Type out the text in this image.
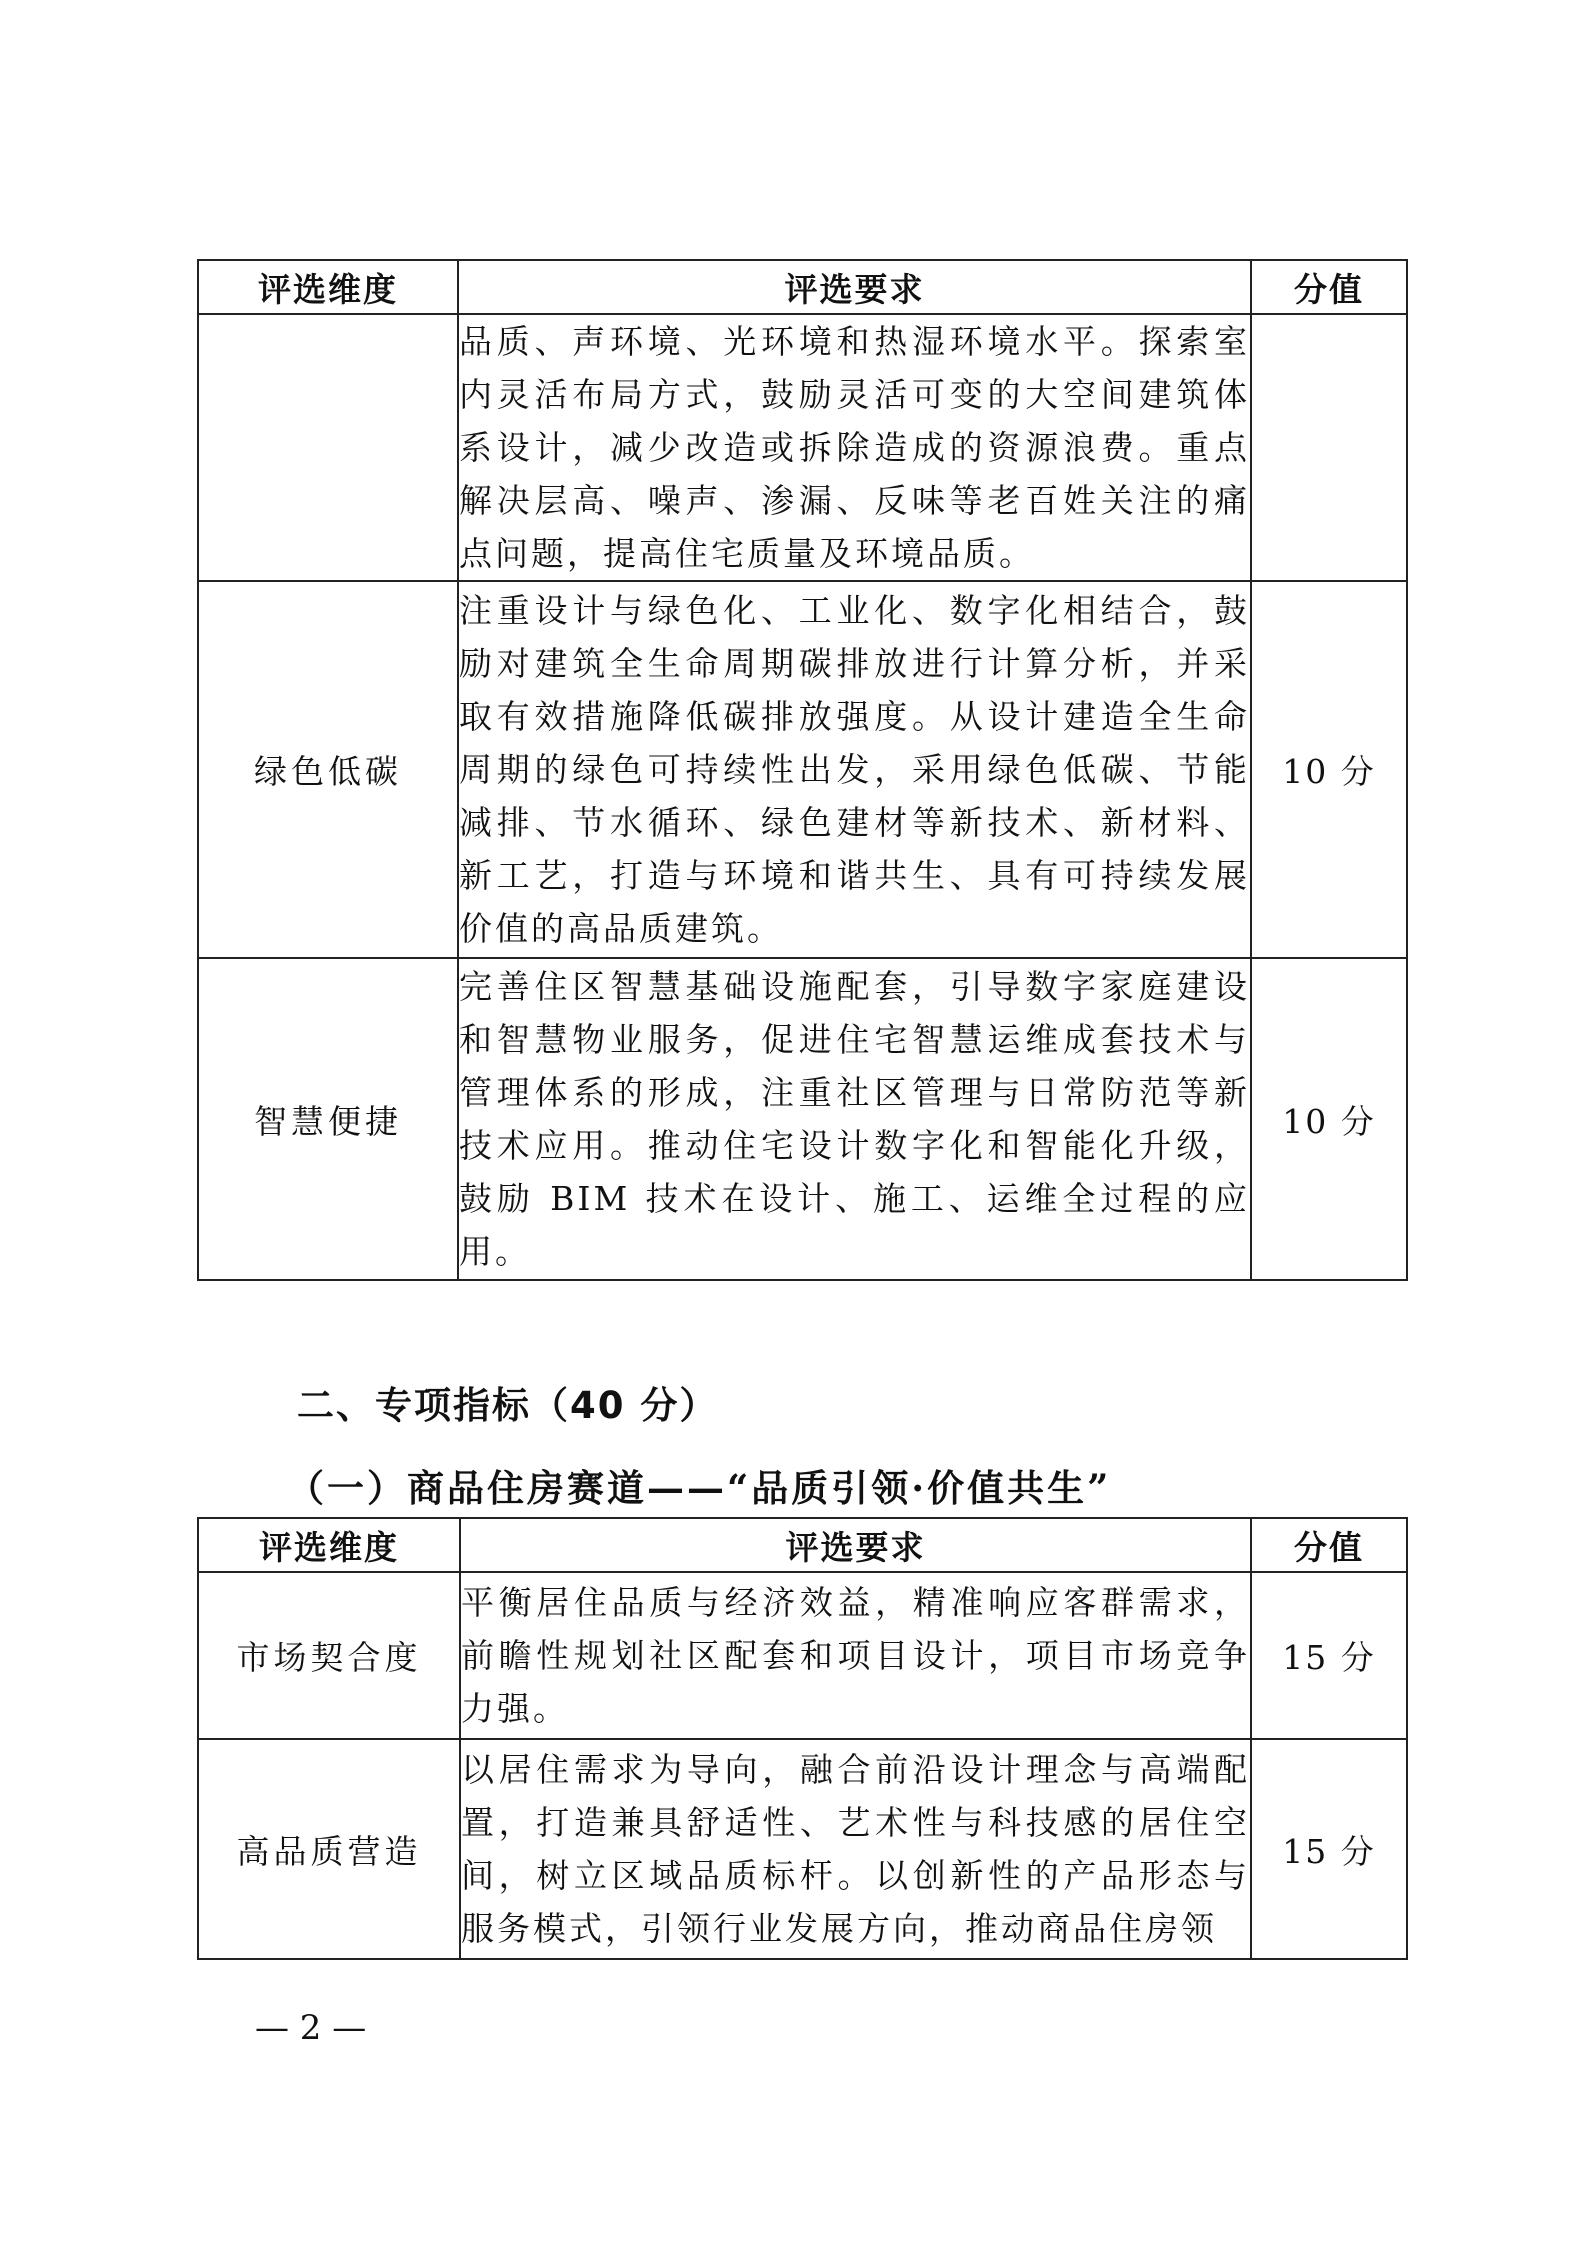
评选维度	评选要求	分值
	品质、声环境、光环境和热湿环境水平。探索室内灵活布局方式，鼓励灵活可变的大空间建筑体系设计，减少改造或拆除造成的资源浪费。重点解决层高、噪声、渗漏、反味等老百姓关注的痛点问题，提高住宅质量及环境品质。	
绿色低碳	注重设计与绿色化、工业化、数字化相结合，鼓励对建筑全生命周期碳排放进行计算分析，并采取有效措施降低碳排放强度。从设计建造全生命周期的绿色可持续性出发，采用绿色低碳、节能减排、节水循环、绿色建材等新技术、新材料、新工艺，打造与环境和谐共生、具有可持续发展价值的高品质建筑。	10 分
智慧便捷	完善住区智慧基础设施配套，引导数字家庭建设和智慧物业服务，促进住宅智慧运维成套技术与管理体系的形成，注重社区管理与日常防范等新技术应用。推动住宅设计数字化和智能化升级，鼓励 BIM 技术在设计、施工、运维全过程的应用。	10 分
二、专项指标（40 分）
（一）商品住房赛道——“品质引领·价值共生”
评选维度	评选要求	分值
市场契合度	平衡居住品质与经济效益，精准响应客群需求，前瞻性规划社区配套和项目设计，项目市场竞争力强。	15 分
高品质营造	以居住需求为导向，融合前沿设计理念与高端配置，打造兼具舒适性、艺术性与科技感的居住空间，树立区域品质标杆。以创新性的产品形态与服务模式，引领行业发展方向，推动商品住房领	15 分
— 2 —
